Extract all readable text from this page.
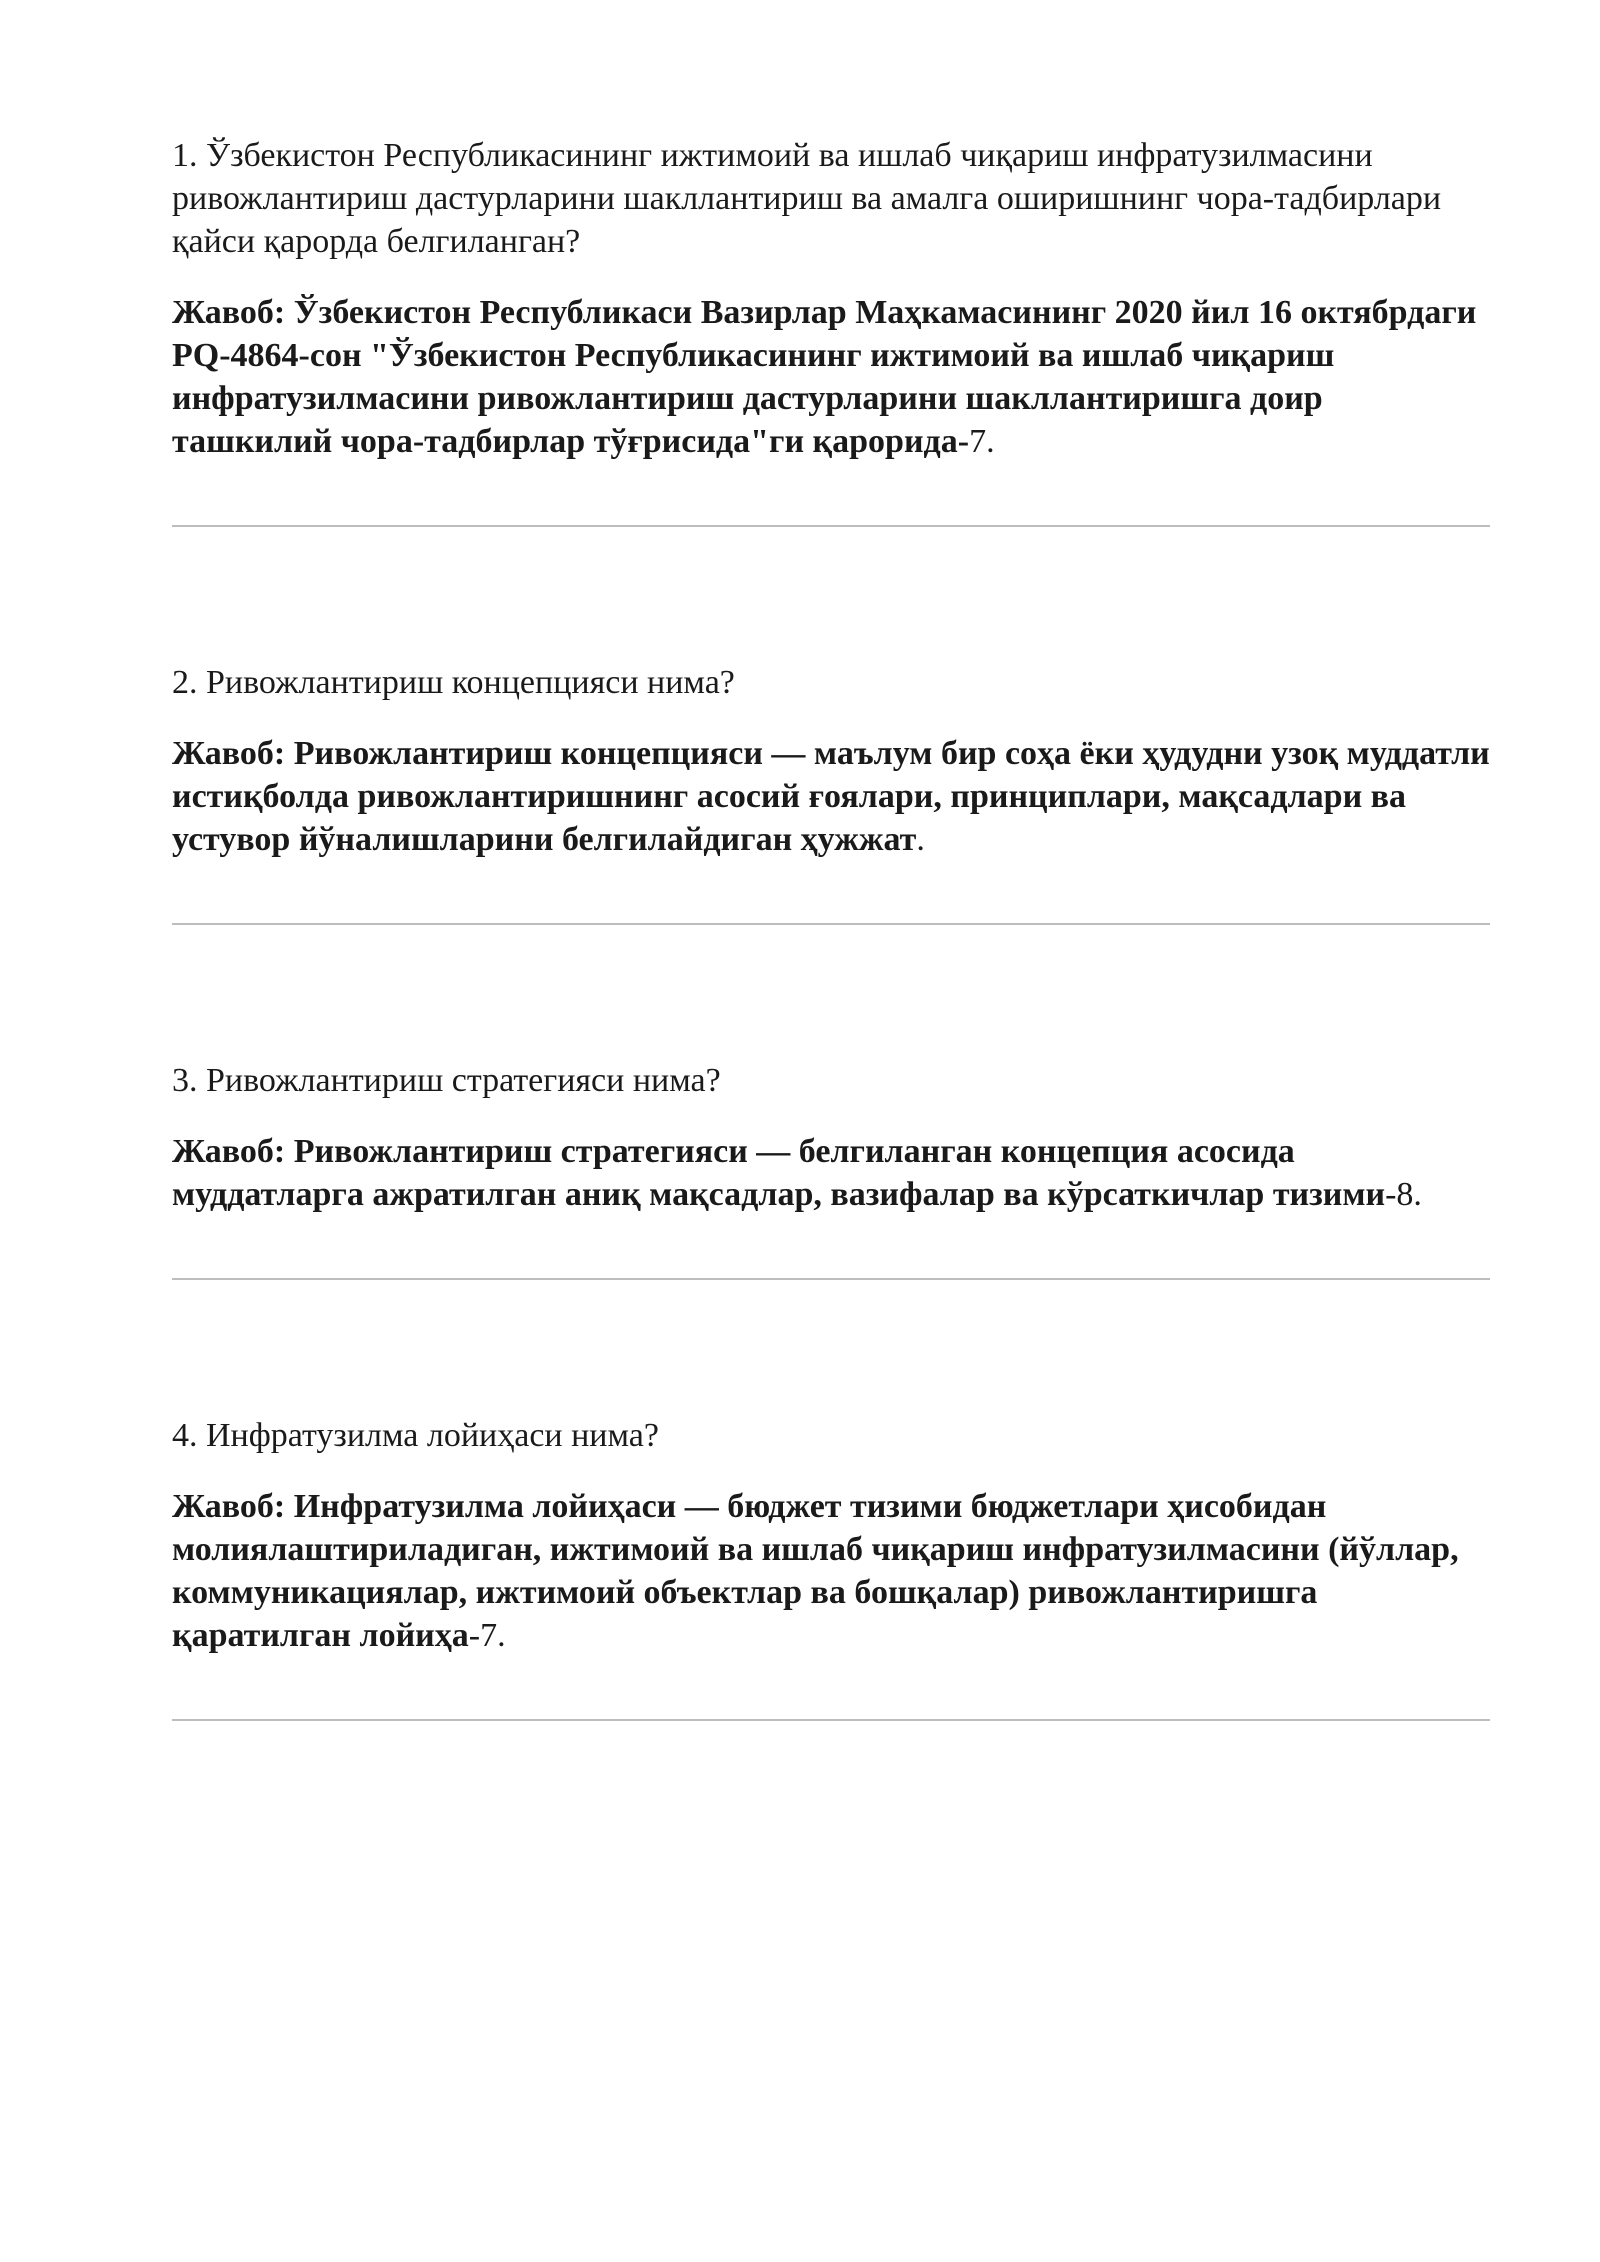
1. Ўзбекистон Республикасининг ижтимоий ва ишлаб чиқариш инфратузилмасини ривожлантириш дастурларини шакллантириш ва амалга оширишнинг чора-тадбирлари қайси қарорда белгиланган?

Жавоб: Ўзбекистон Республикаси Вазирлар Маҳкамасининг 2020 йил 16 октябрдаги PQ-4864-сон "Ўзбекистон Республикасининг ижтимоий ва ишлаб чиқариш инфратузилмасини ривожлантириш дастурларини шакллантиришга доир ташкилий чора-тадбирлар тўғрисида"ги қарорида-7.

2. Ривожлантириш концепцияси нима?

Жавоб: Ривожлантириш концепцияси — маълум бир соҳа ёки ҳудудни узоқ муддатли истиқболда ривожлантиришнинг асосий ғоялари, принциплари, мақсадлари ва устувор йўналишларини белгилайдиган ҳужжат.

3. Ривожлантириш стратегияси нима?

Жавоб: Ривожлантириш стратегияси — белгиланган концепция асосида муддатларга ажратилган аниқ мақсадлар, вазифалар ва кўрсаткичлар тизими-8.

4. Инфратузилма лойиҳаси нима?

Жавоб: Инфратузилма лойиҳаси — бюджет тизими бюджетлари ҳисобидан молиялаштириладиган, ижтимоий ва ишлаб чиқариш инфратузилмасини (йўллар, коммуникациялар, ижтимоий объектлар ва бошқалар) ривожлантиришга қаратилган лойиҳа-7.
